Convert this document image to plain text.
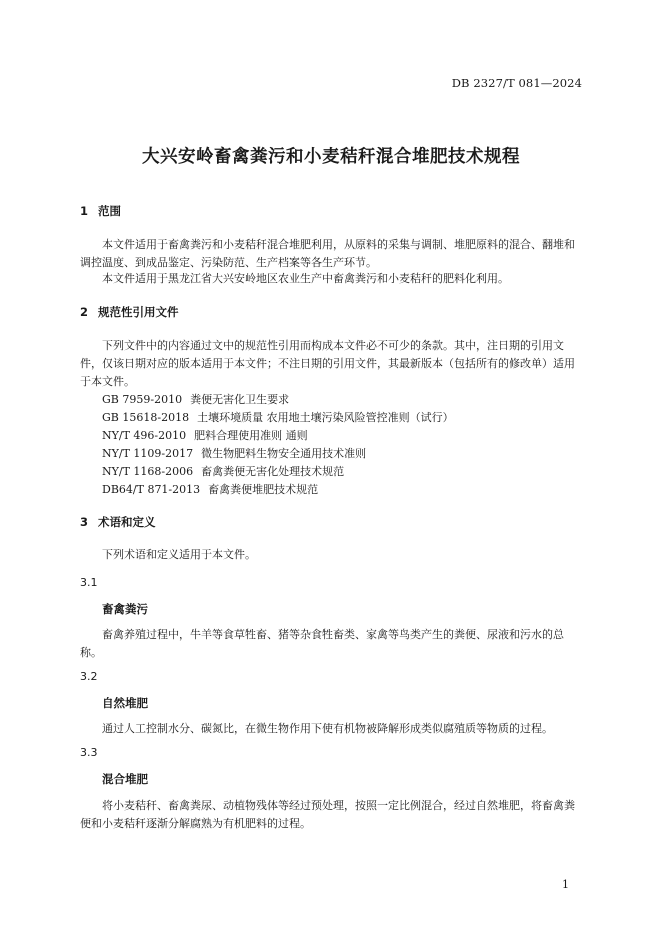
DB 2327/T 081—2024
大兴安岭畜禽粪污和小麦秸秆混合堆肥技术规程
1 范围

本文件适用于畜禽粪污和小麦秸秆混合堆肥利用，从原料的采集与调制、堆肥原料的混合、翻堆和调控温度、到成品鉴定、污染防范、生产档案等各生产环节。

本文件适用于黑龙江省大兴安岭地区农业生产中畜禽粪污和小麦秸秆的肥料化利用。

2 规范性引用文件

下列文件中的内容通过文中的规范性引用而构成本文件必不可少的条款。其中，注日期的引用文件，仅该日期对应的版本适用于本文件；不注日期的引用文件，其最新版本（包括所有的修改单）适用于本文件。

GB 7959-2010 粪便无害化卫生要求
GB 15618-2018 土壤环境质量 农用地土壤污染风险管控准则（试行）
NY/T 496-2010 肥料合理使用准则 通则
NY/T 1109-2017 微生物肥料生物安全通用技术准则
NY/T 1168-2006 畜禽粪便无害化处理技术规范
DB64/T 871-2013 畜禽粪便堆肥技术规范
3 术语和定义

下列术语和定义适用于本文件。

3.1
畜禽粪污

畜禽养殖过程中，牛羊等食草牲畜、猪等杂食牲畜类、家禽等鸟类产生的粪便、尿液和污水的总称。

3.2
自然堆肥

通过人工控制水分、碳氮比，在微生物作用下使有机物被降解形成类似腐殖质等物质的过程。

3.3
混合堆肥

将小麦秸秆、畜禽粪尿、动植物残体等经过预处理，按照一定比例混合，经过自然堆肥，将畜禽粪便和小麦秸秆逐渐分解腐熟为有机肥料的过程。

1
